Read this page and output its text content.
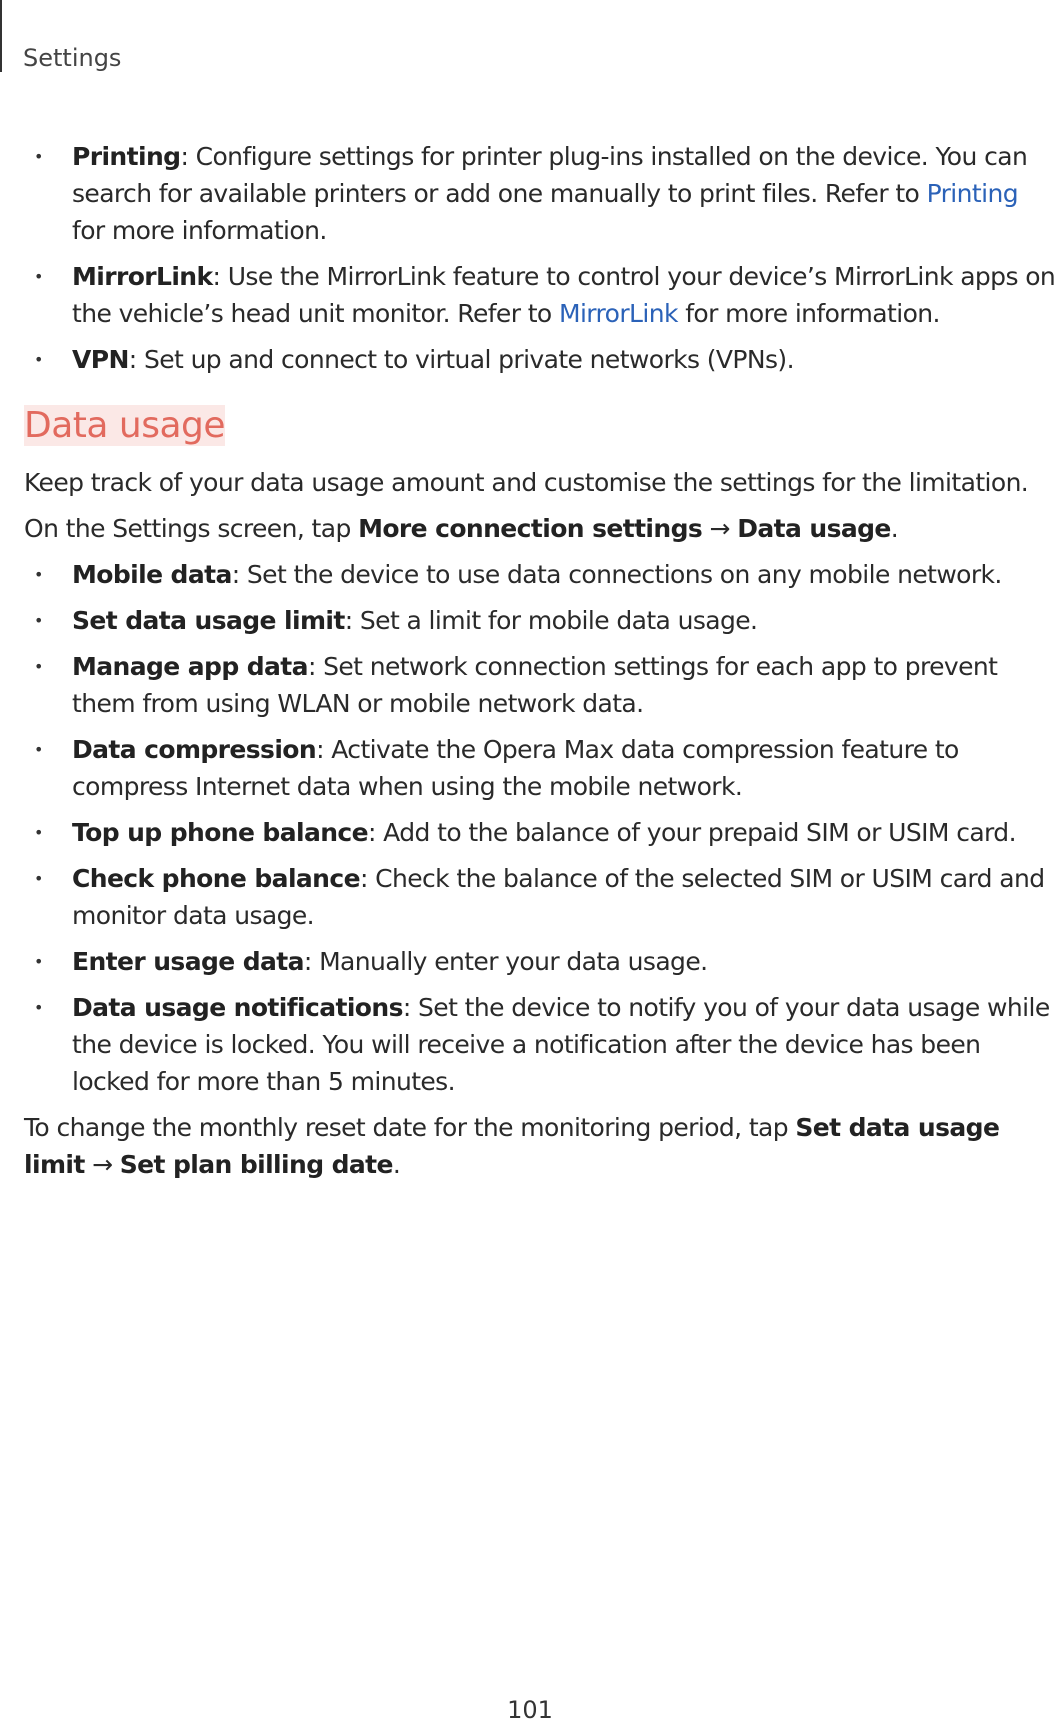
Settings
• Printing: Configure settings for printer plug-ins installed on the device. You can search for available printers or add one manually to print files. Refer to Printing for more information.
• MirrorLink: Use the MirrorLink feature to control your device’s MirrorLink apps on the vehicle’s head unit monitor. Refer to MirrorLink for more information.
• VPN: Set up and connect to virtual private networks (VPNs).
Data usage

Keep track of your data usage amount and customise the settings for the limitation.

On the Settings screen, tap More connection settings → Data usage.

• Mobile data: Set the device to use data connections on any mobile network.
• Set data usage limit: Set a limit for mobile data usage.
• Manage app data: Set network connection settings for each app to prevent them from using WLAN or mobile network data.
• Data compression: Activate the Opera Max data compression feature to compress Internet data when using the mobile network.
• Top up phone balance: Add to the balance of your prepaid SIM or USIM card.
• Check phone balance: Check the balance of the selected SIM or USIM card and monitor data usage.
• Enter usage data: Manually enter your data usage.
• Data usage notifications: Set the device to notify you of your data usage while the device is locked. You will receive a notification after the device has been locked for more than 5 minutes.

To change the monthly reset date for the monitoring period, tap Set data usage limit → Set plan billing date.

101
